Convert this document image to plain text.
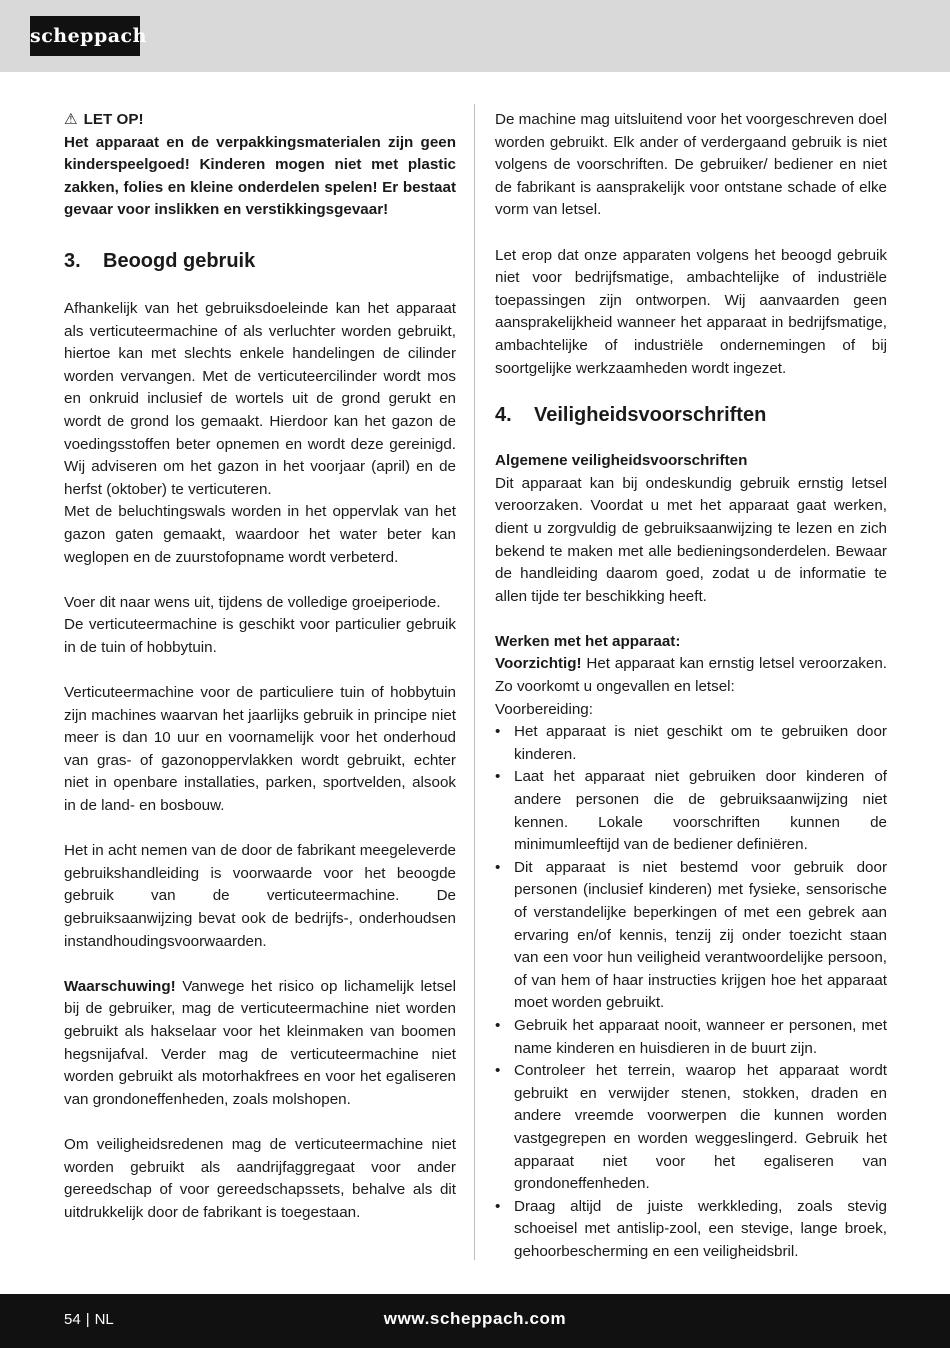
scheppach

⚠ LET OP!

Het apparaat en de verpakkingsmaterialen zijn geen kinderspeelgoed! Kinderen mogen niet met plastic zakken, folies en kleine onderdelen spelen! Er bestaat gevaar voor inslikken en verstikkingsgevaar!

3.	Beoogd gebruik

Afhankelijk van het gebruiksdoeleinde kan het apparaat als verticuteermachine of als verluchter worden gebruikt, hiertoe kan met slechts enkele handelingen de cilinder worden vervangen. Met de verticuteercilinder wordt mos en onkruid inclusief de wortels uit de grond gerukt en wordt de grond los gemaakt. Hierdoor kan het gazon de voedingsstoffen beter opnemen en wordt deze gereinigd. Wij adviseren om het gazon in het voorjaar (april) en de herfst (oktober) te verticuteren.

Met de beluchtingswals worden in het oppervlak van het gazon gaten gemaakt, waardoor het water beter kan weglopen en de zuurstofopname wordt verbeterd.

Voer dit naar wens uit, tijdens de volledige groeiperiode.

De verticuteermachine is geschikt voor particulier gebruik in de tuin of hobbytuin.

Verticuteermachine voor de particuliere tuin of hobbytuin zijn machines waarvan het jaarlijks gebruik in principe niet meer is dan 10 uur en voornamelijk voor het onderhoud van gras- of gazonoppervlakken wordt gebruikt, echter niet in openbare installaties, parken, sportvelden, alsook in de land- en bosbouw.

Het in acht nemen van de door de fabrikant meegeleverde gebruikshandleiding is voorwaarde voor het beoogde gebruik van de verticuteermachine. De gebruiksaanwijzing bevat ook de bedrijfs-, onderhoudsen instandhoudingsvoorwaarden.

Waarschuwing! Vanwege het risico op lichamelijk letsel bij de gebruiker, mag de verticuteermachine niet worden gebruikt als hakselaar voor het kleinmaken van boomen hegsnijafval. Verder mag de verticuteermachine niet worden gebruikt als motorhakfrees en voor het egaliseren van grondoneffenheden, zoals molshopen.

Om veiligheidsredenen mag de verticuteermachine niet worden gebruikt als aandrijfaggregaat voor ander gereedschap of voor gereedschapssets, behalve als dit uitdrukkelijk door de fabrikant is toegestaan.

De machine mag uitsluitend voor het voorgeschreven doel worden gebruikt. Elk ander of verdergaand gebruik is niet volgens de voorschriften. De gebruiker/ bediener en niet de fabrikant is aansprakelijk voor ontstane schade of elke vorm van letsel.

Let erop dat onze apparaten volgens het beoogd gebruik niet voor bedrijfsmatige, ambachtelijke of industriële toepassingen zijn ontworpen. Wij aanvaarden geen aansprakelijkheid wanneer het apparaat in bedrijfsmatige, ambachtelijke of industriële ondernemingen of bij soortgelijke werkzaamheden wordt ingezet.

4.	Veiligheidsvoorschriften

Algemene veiligheidsvoorschriften

Dit apparaat kan bij ondeskundig gebruik ernstig letsel veroorzaken. Voordat u met het apparaat gaat werken, dient u zorgvuldig de gebruiksaanwijzing te lezen en zich bekend te maken met alle bedieningsonderdelen. Bewaar de handleiding daarom goed, zodat u de informatie te allen tijde ter beschikking heeft.

Werken met het apparaat:

Voorzichtig! Het apparaat kan ernstig letsel veroorzaken. Zo voorkomt u ongevallen en letsel:

Voorbereiding:

• Het apparaat is niet geschikt om te gebruiken door kinderen.
• Laat het apparaat niet gebruiken door kinderen of andere personen die de gebruiksaanwijzing niet kennen. Lokale voorschriften kunnen de minimumleeftijd van de bediener definiëren.
• Dit apparaat is niet bestemd voor gebruik door personen (inclusief kinderen) met fysieke, sensorische of verstandelijke beperkingen of met een gebrek aan ervaring en/of kennis, tenzij zij onder toezicht staan van een voor hun veiligheid verantwoordelijke persoon, of van hem of haar instructies krijgen hoe het apparaat moet worden gebruikt.
• Gebruik het apparaat nooit, wanneer er personen, met name kinderen en huisdieren in de buurt zijn.
• Controleer het terrein, waarop het apparaat wordt gebruikt en verwijder stenen, stokken, draden en andere vreemde voorwerpen die kunnen worden vastgegrepen en worden weggeslingerd. Gebruik het apparaat niet voor het egaliseren van grondoneffenheden.
• Draag altijd de juiste werkkleding, zoals stevig schoeisel met antislip-zool, een stevige, lange broek, gehoorbescherming en een veiligheidsbril.
54 | NL	www.scheppach.com
